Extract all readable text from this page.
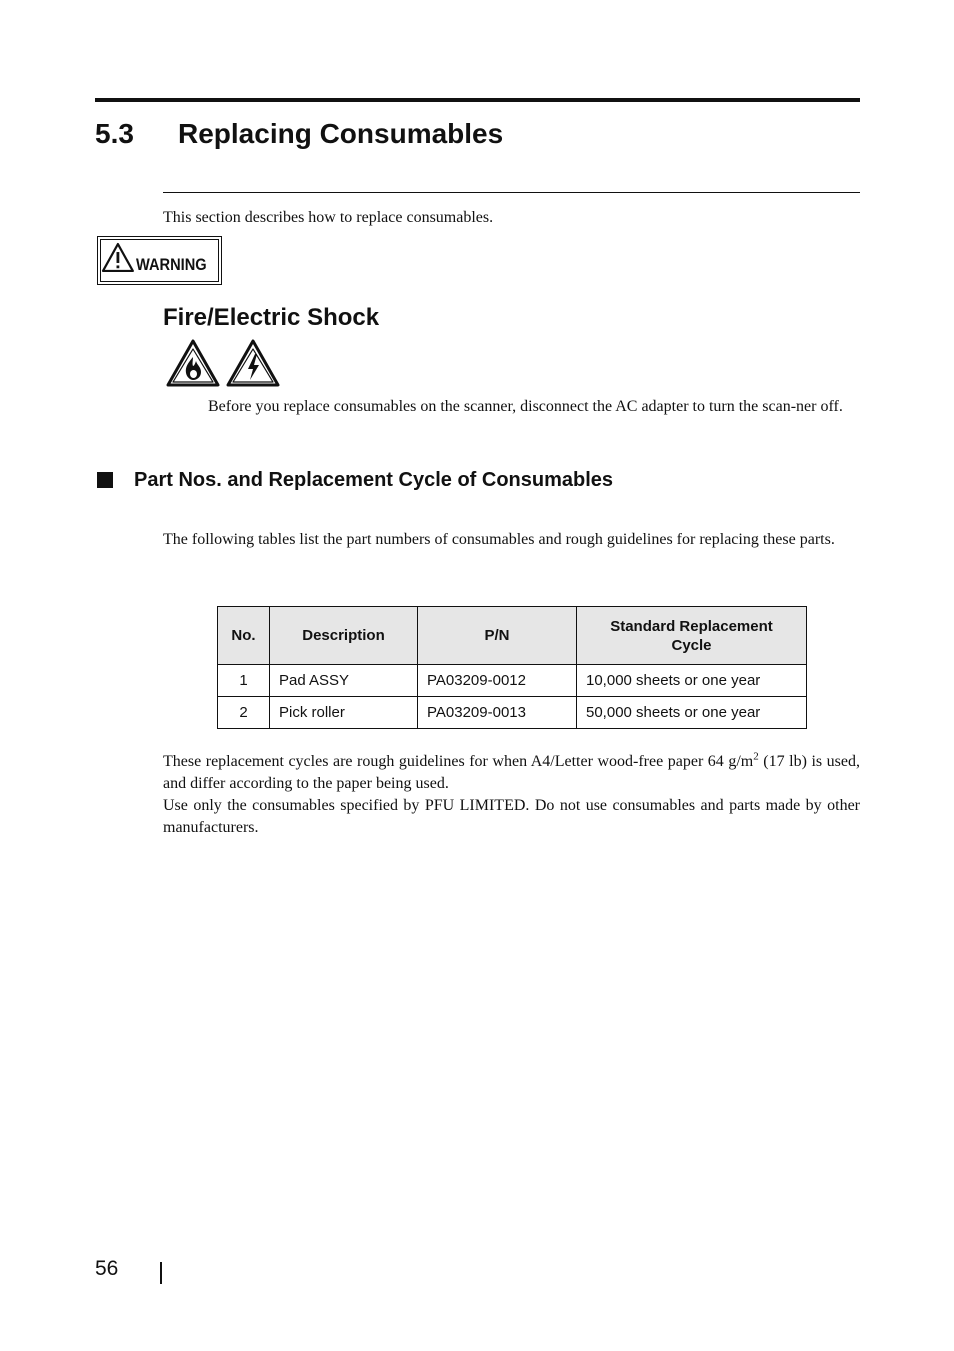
5.3	Replacing Consumables
This section describes how to replace consumables.
WARNING
Fire/Electric Shock
Before you replace consumables on the scanner, disconnect the AC adapter to turn the scan-ner off.
Part Nos. and Replacement Cycle of Consumables
The following tables list the part numbers of consumables and rough guidelines for replacing these parts.
No.	Description	P/N	Standard Replacement
Cycle
1	Pad ASSY	PA03209-0012	10,000 sheets or one year
2	Pick roller	PA03209-0013	50,000 sheets or one year
These replacement cycles are rough guidelines for when A4/Letter wood-free paper 64 $g/m^2$ (17 lb) is used, and differ according to the paper being used.
Use only the consumables specified by PFU LIMITED. Do not use consumables and parts made by other manufacturers.
56
